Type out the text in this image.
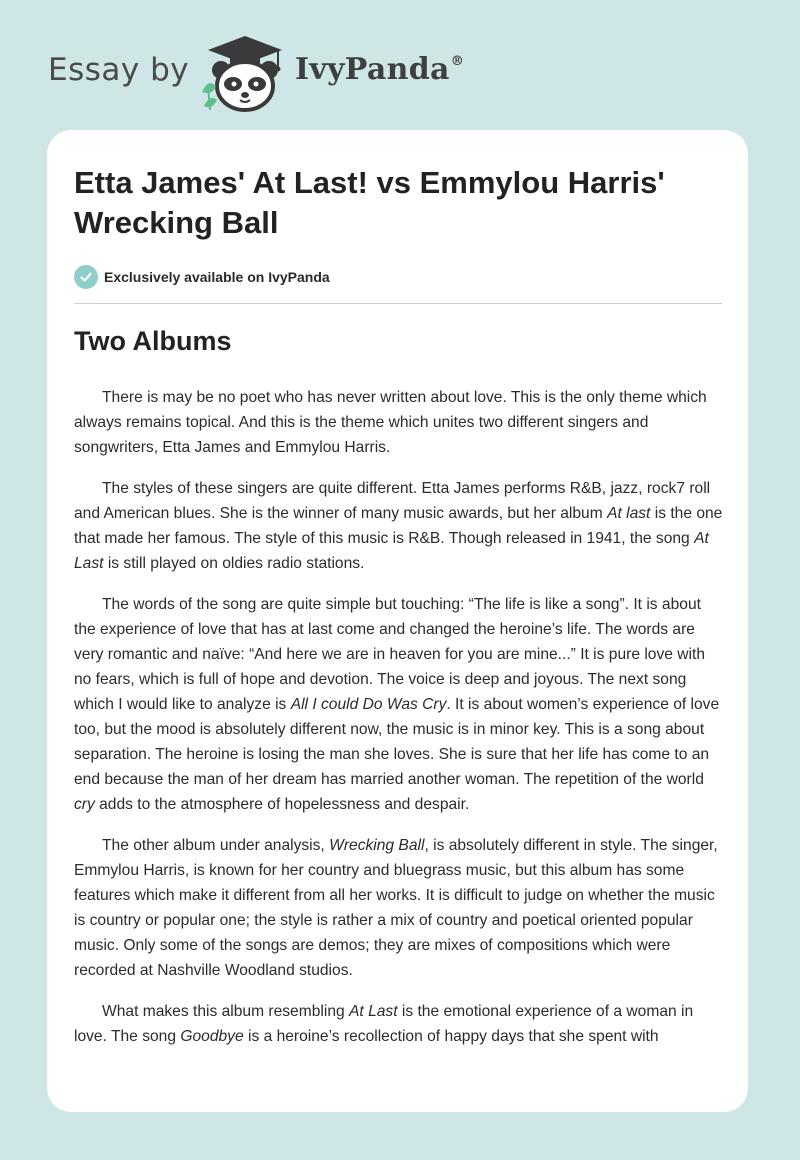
Essay by	IvyPanda®
Etta James' At Last! vs Emmylou Harris' Wrecking Ball
Exclusively available on IvyPanda
Two Albums

There is may be no poet who has never written about love. This is the only theme which always remains topical. And this is the theme which unites two different singers and songwriters, Etta James and Emmylou Harris.

The styles of these singers are quite different. Etta James performs R&B, jazz, rock7 roll and American blues. She is the winner of many music awards, but her album At last is the one that made her famous. The style of this music is R&B. Though released in 1941, the song At Last is still played on oldies radio stations.

The words of the song are quite simple but touching: “The life is like a song”. It is about the experience of love that has at last come and changed the heroine’s life. The words are very romantic and naïve: “And here we are in heaven for you are mine...” It is pure love with no fears, which is full of hope and devotion. The voice is deep and joyous. The next song which I would like to analyze is All I could Do Was Cry. It is about women’s experience of love too, but the mood is absolutely different now, the music is in minor key. This is a song about separation. The heroine is losing the man she loves. She is sure that her life has come to an end because the man of her dream has married another woman. The repetition of the world cry adds to the atmosphere of hopelessness and despair.

The other album under analysis, Wrecking Ball, is absolutely different in style. The singer, Emmylou Harris, is known for her country and bluegrass music, but this album has some features which make it different from all her works. It is difficult to judge on whether the music is country or popular one; the style is rather a mix of country and poetical oriented popular music. Only some of the songs are demos; they are mixes of compositions which were recorded at Nashville Woodland studios.

What makes this album resembling At Last is the emotional experience of a woman in love. The song Goodbye is a heroine’s recollection of happy days that she spent with
